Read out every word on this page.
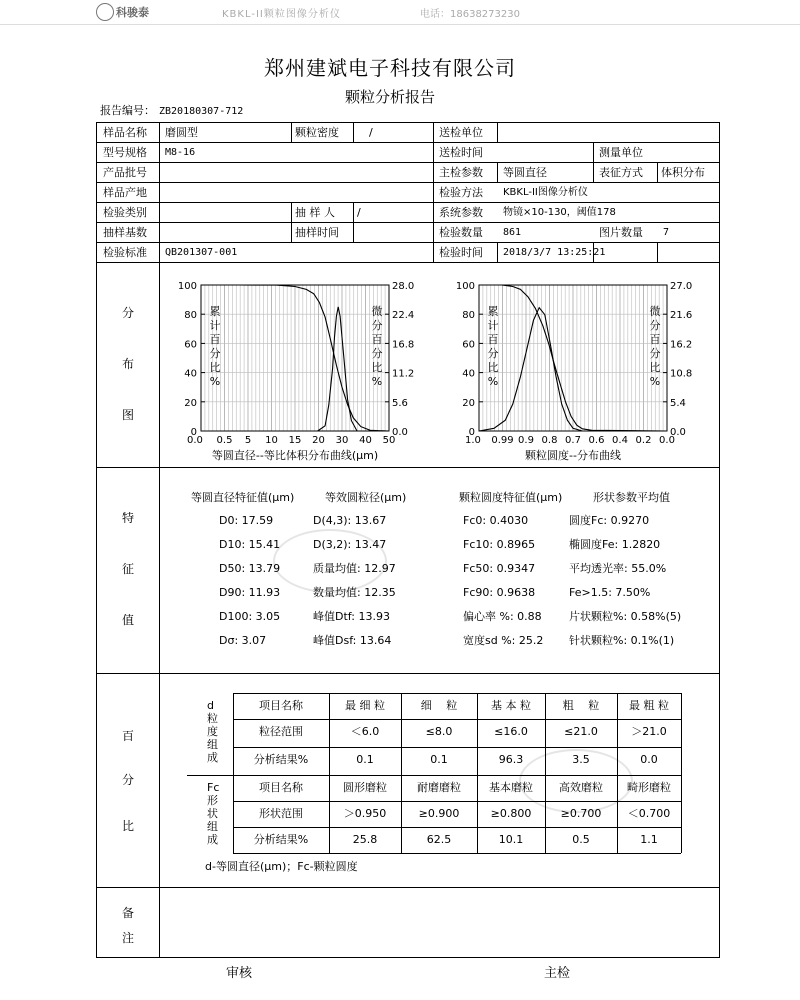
科骏泰	KBKL-II颗粒图像分析仪	电话：18638273230
郑州建斌电子科技有限公司
颗粒分析报告
报告编号： ZB20180307-712
样品名称 磨圆型	颗粒密度	/	送检单位
型号规格 M8-16	送检时间	测量单位
产品批号	主检参数 等圆直径	表征方式 体积分布
样品产地	检验方法 KBKL-II图像分析仪
检验类别	抽 样 人 /	系统参数 物镜×10-130，阈值178
抽样基数	抽样时间	检验数量 861	图片数量 7
检验标准 QB201307-001	检验时间 2018/3/7 13:25:21
分
布
图
特
征
值
百
分
比
备
注
0
20
40
60
80
100
0.0
5.6
11.2
16.8
22.4
28.0
0.0 0.5 5 10 15 20 30 40 50
累
计
百
分
比
%
微
分
百
分
比
%
等圆直径--等比体积分布曲线(μm)
0
20
40
60
80
100
0.0
5.4
10.8
16.2
21.6
27.0
1.0 0.99 0.9 0.8 0.7 0.6 0.4 0.2 0.0
累
计
百
分
比
%
微
分
百
分
比
%
颗粒圆度--分布曲线
等圆直径特征值(μm)	等效圆粒径(μm)	颗粒圆度特征值(μm)	形状参数平均值
D0: 17.59	D(4,3): 13.67	Fc0: 0.4030	圆度Fc: 0.9270
D10: 15.41	D(3,2): 13.47	Fc10: 0.8965	椭圆度Fe: 1.2820
D50: 13.79	质量均值: 12.97	Fc50: 0.9347	平均透光率: 55.0%
D90: 11.93	数量均值: 12.35	Fc90: 0.9638	Fe>1.5: 7.50%
D100: 3.05	峰值Dtf: 13.93	偏心率 %: 0.88 片状颗粒%: 0.58%(5)
Dσ: 3.07	峰值Dsf: 13.64	宽度sd %: 25.2 针状颗粒%: 0.1%(1)
项目名称	最 细 粒	细　 粒	基 本 粒	粗　 粒	最 粗 粒
粒径范围	＜6.0	≤8.0	≤16.0	≤21.0	＞21.0
分析结果%	0.1	0.1	96.3	3.5	0.0
项目名称	圆形磨粒	耐磨磨粒	基本磨粒	高效磨粒	畸形磨粒
形状范围	＞0.950	≥0.900	≥0.800	≥0.700	＜0.700
分析结果%	25.8	62.5	10.1	0.5	1.1
d
粒
度
组
成
Fc
形
状
组
成
d-等圆直径(μm)；Fc-颗粒圆度
审核	主检
